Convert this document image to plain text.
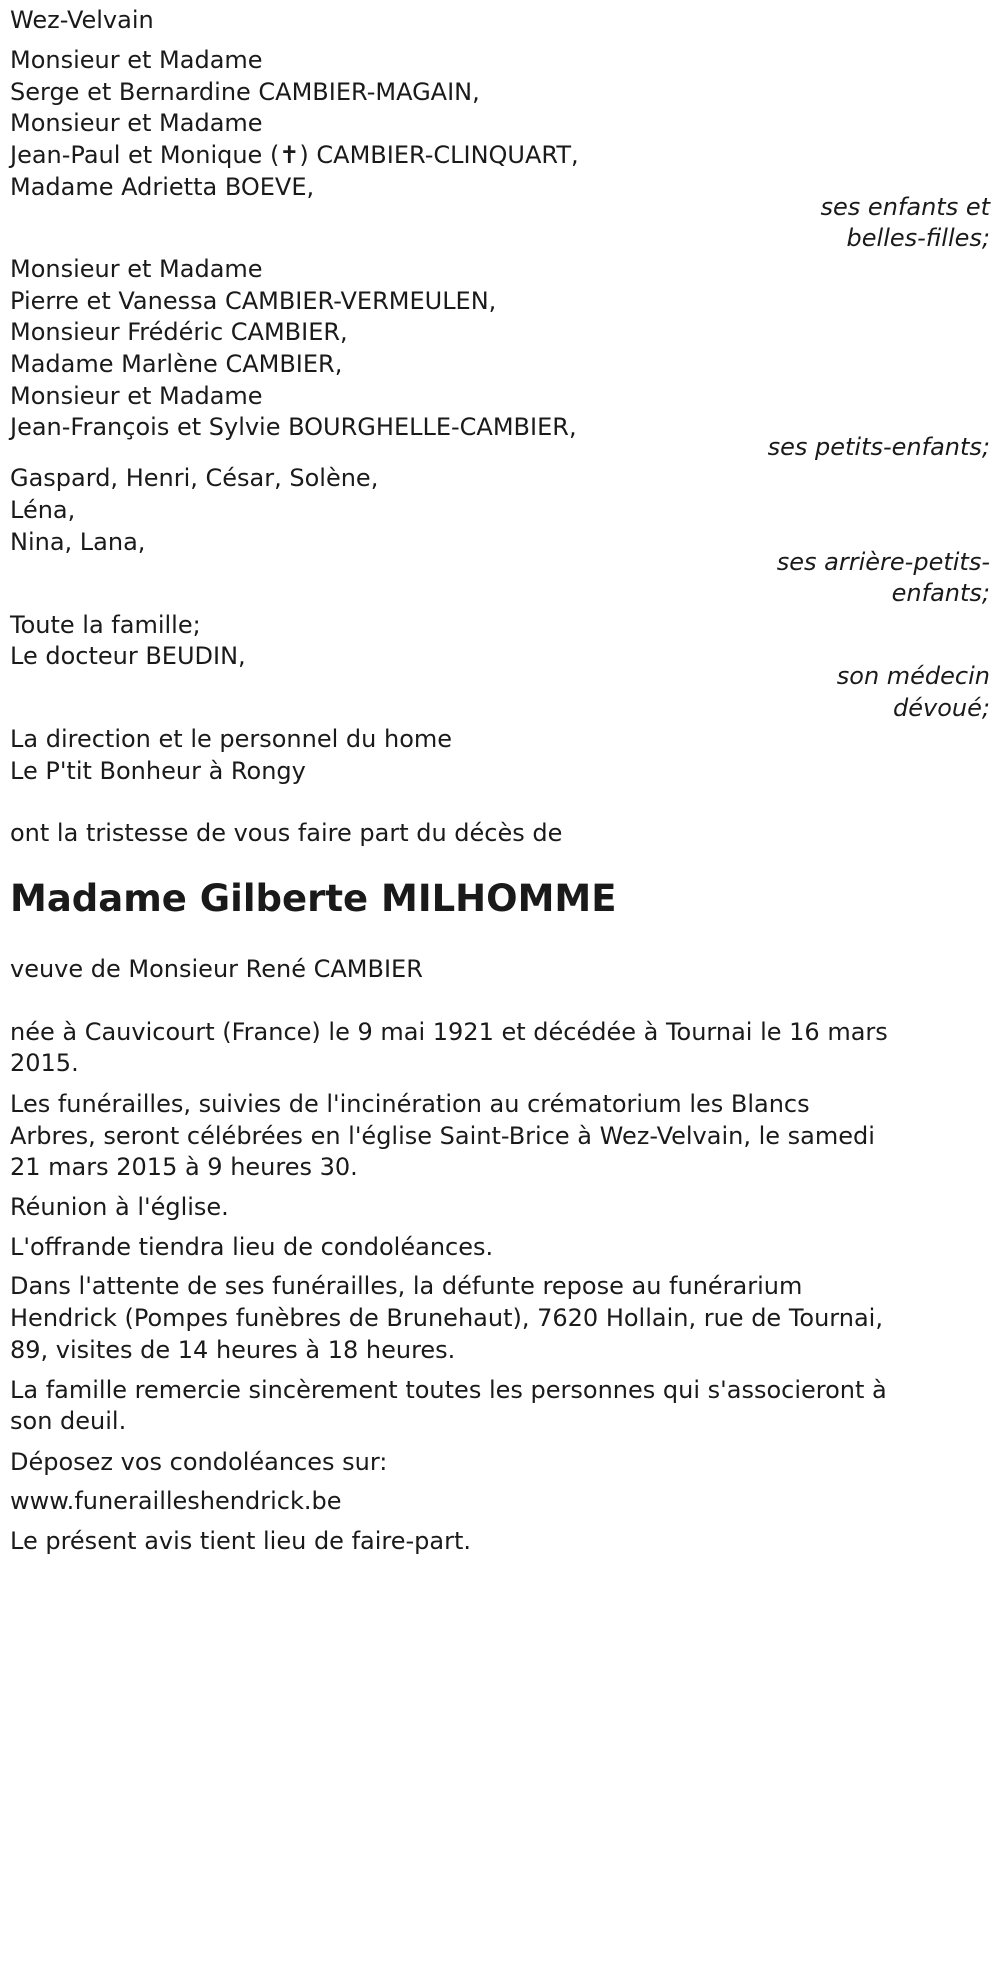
Wez-Velvain
Monsieur et Madame
Serge et Bernardine CAMBIER-MAGAIN,
Monsieur et Madame
Jean-Paul et Monique (✝) CAMBIER-CLINQUART,
Madame Adrietta BOEVE,
ses enfants et
belles-filles;
Monsieur et Madame
Pierre et Vanessa CAMBIER-VERMEULEN,
Monsieur Frédéric CAMBIER,
Madame Marlène CAMBIER,
Monsieur et Madame
Jean-François et Sylvie BOURGHELLE-CAMBIER,
ses petits-enfants;
Gaspard, Henri, César, Solène,
Léna,
Nina, Lana,
ses arrière-petits-
enfants;
Toute la famille;
Le docteur BEUDIN,
son médecin
dévoué;
La direction et le personnel du home
Le P'tit Bonheur à Rongy
ont la tristesse de vous faire part du décès de
Madame Gilberte MILHOMME
veuve de Monsieur René CAMBIER
née à Cauvicourt (France) le 9 mai 1921 et décédée à Tournai le 16 mars
2015.
Les funérailles, suivies de l'incinération au crématorium les Blancs
Arbres, seront célébrées en l'église Saint-Brice à Wez-Velvain, le samedi
21 mars 2015 à 9 heures 30.
Réunion à l'église.
L'offrande tiendra lieu de condoléances.
Dans l'attente de ses funérailles, la défunte repose au funérarium
Hendrick (Pompes funèbres de Brunehaut), 7620 Hollain, rue de Tournai,
89, visites de 14 heures à 18 heures.
La famille remercie sincèrement toutes les personnes qui s'associeront à
son deuil.
Déposez vos condoléances sur:
www.funerailleshendrick.be
Le présent avis tient lieu de faire-part.
